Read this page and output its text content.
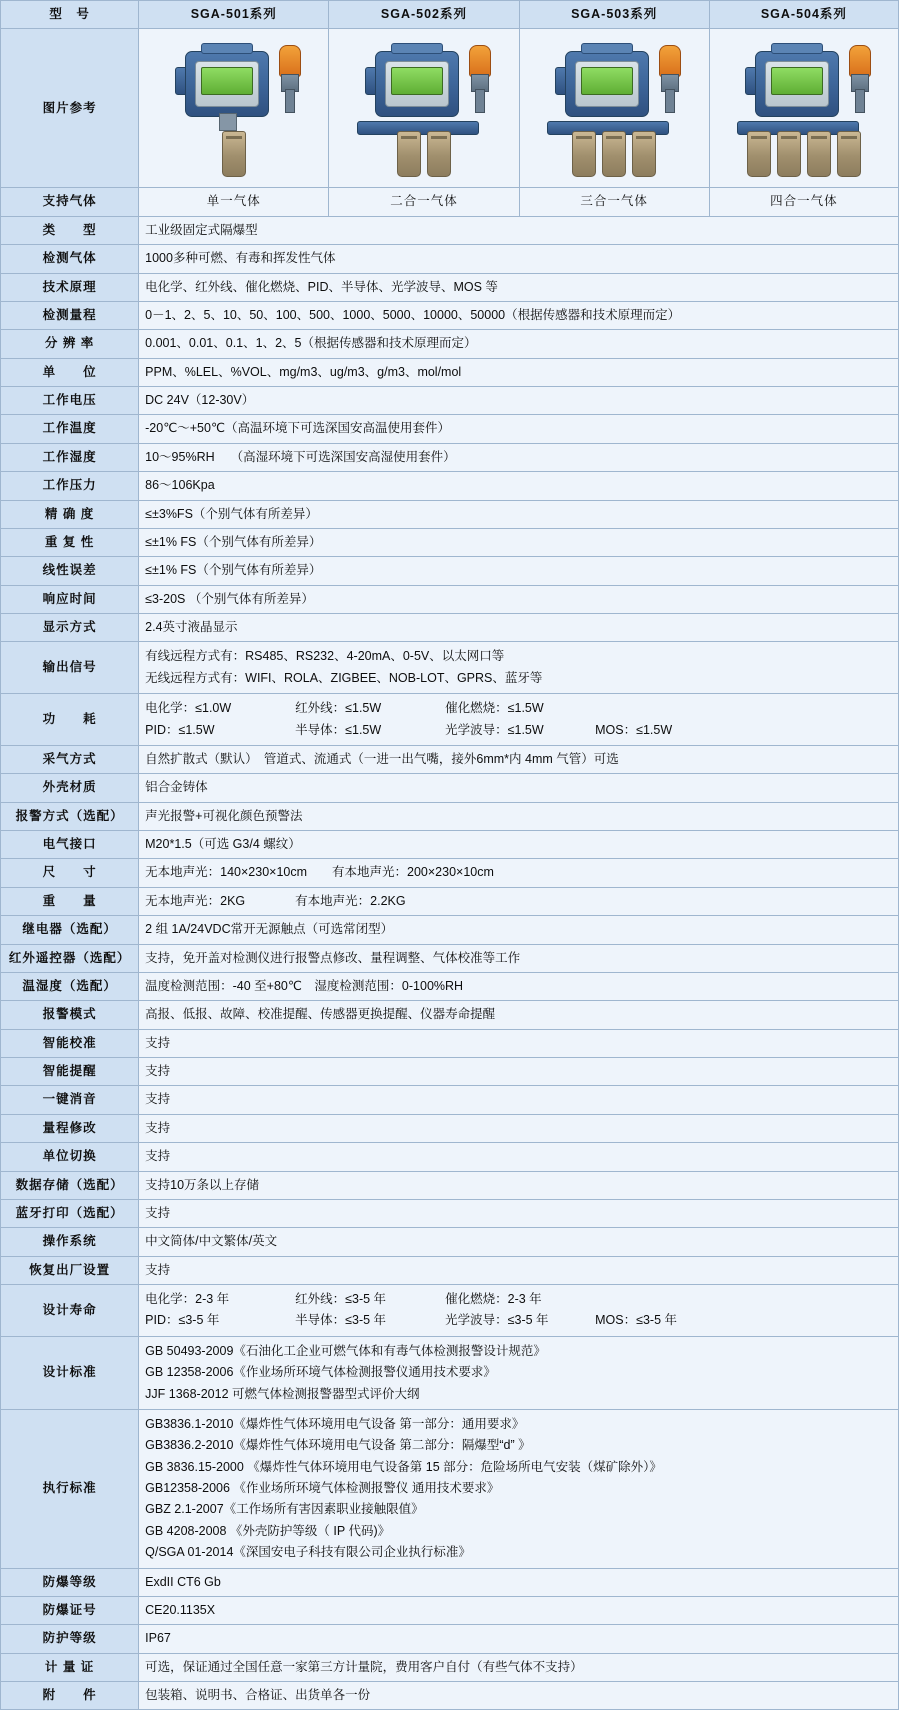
型　号	SGA-501系列	SGA-502系列	SGA-503系列	SGA-504系列
图片参考	

支持气体	单一气体	二合一气体	三合一气体	四合一气体
类　　型	工业级固定式隔爆型			
检测气体	1000多种可燃、有毒和挥发性气体			
技术原理	电化学、红外线、催化燃烧、PID、半导体、光学波导、MOS 等			
检测量程	0－1、2、5、10、50、100、500、1000、5000、10000、50000（根据传感器和技术原理而定）			
分 辨 率	0.001、0.01、0.1、1、2、5（根据传感器和技术原理而定）			
单　　位	PPM、%LEL、%VOL、mg/m3、ug/m3、g/m3、mol/mol			
工作电压	DC 24V（12-30V）			
工作温度	-20℃～+50℃（高温环境下可选深国安高温使用套件）			
工作湿度	10～95%RH　 （高湿环境下可选深国安高湿使用套件）			
工作压力	86～106Kpa			
精 确 度	≤±3%FS（个别气体有所差异）			
重 复 性	≤±1% FS（个别气体有所差异）			
线性误差	≤±1% FS（个别气体有所差异）			
响应时间	≤3-20S （个别气体有所差异）			
显示方式	2.4英寸液晶显示			
输出信号	有线远程方式有：RS485、RS232、4-20mA、0-5V、以太网口等
无线远程方式有：WIFI、ROLA、ZIGBEE、NOB-LOT、GPRS、蓝牙等			

功　　耗	
电化学：≤1.0W	红外线：≤1.5W	催化燃烧：≤1.5W
PID：≤1.5W	半导体：≤1.5W	光学波导：≤1.5W	MOS：≤1.5W

采气方式	自然扩散式（默认）　管道式、流通式（一进一出气嘴，接外6mm*内 4mm 气管）可选			
外壳材质	铝合金铸体			
报警方式（选配）	声光报警+可视化颜色预警法			
电气接口	M20*1.5（可选 G3/4 螺纹）			
尺　　寸	无本地声光：140×230×10cm　　有本地声光：200×230×10cm			
重　　量	无本地声光：2KG　　　　有本地声光：2.2KG			
继电器（选配）	2 组 1A/24VDC常开无源触点（可选常闭型）			
红外遥控器（选配）	支持，免开盖对检测仪进行报警点修改、量程调整、气体校准等工作			
温湿度（选配）	温度检测范围：-40 至+80℃　湿度检测范围：0-100%RH			
报警模式	高报、低报、故障、校准提醒、传感器更换提醒、仪器寿命提醒			
智能校准	支持			
智能提醒	支持			
一键消音	支持			
量程修改	支持			
单位切换	支持			
数据存储（选配）	支持10万条以上存储			
蓝牙打印（选配）	支持			
操作系统	中文简体/中文繁体/英文			
恢复出厂设置	支持			
设计寿命	
电化学：2-3 年	红外线：≤3-5 年	催化燃烧：2-3 年
PID：≤3-5 年	半导体：≤3-5 年	光学波导：≤3-5 年	MOS：≤3-5 年

设计标准	GB 50493-2009《石油化工企业可燃气体和有毒气体检测报警设计规范》
GB 12358-2006《作业场所环境气体检测报警仪通用技术要求》
JJF 1368-2012 可燃气体检测报警器型式评价大纲			

执行标准	
GB3836.1-2010《爆炸性气体环境用电气设备 第一部分：通用要求》
GB3836.2-2010《爆炸性气体环境用电气设备 第二部分：隔爆型“d” 》
GB 3836.15-2000 《爆炸性气体环境用电气设备第 15 部分：危险场所电气安装（煤矿除外）》
GB12358-2006 《作业场所环境气体检测报警仪 通用技术要求》
GBZ 2.1-2007《工作场所有害因素职业接触限值》
GB 4208-2008 《外壳防护等级（ IP 代码)》
Q/SGA 01-2014《深国安电子科技有限公司企业执行标准》

防爆等级	ExdII CT6 Gb			
防爆证号	CE20.1135X			
防护等级	IP67			
计 量 证	可选，保证通过全国任意一家第三方计量院，费用客户自付（有些气体不支持）			
附　　件	包装箱、说明书、合格证、出货单各一份			
